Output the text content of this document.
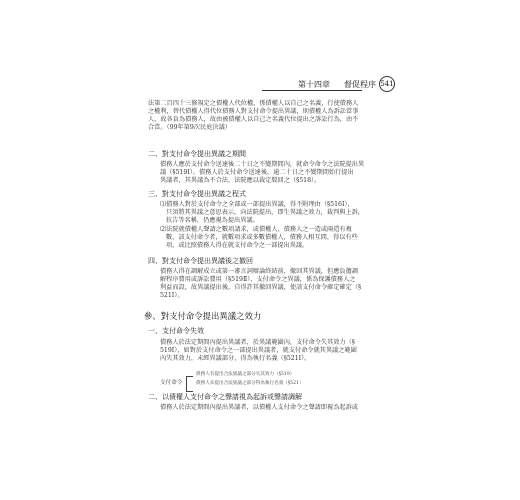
第十四章 督促程序 541
法第二百四十三條規定之債權人代位權，係債權人以自己之名義，行使債務人
之權利，替代債權人得代位債務人對支付命令提出異議，則債權人為訴訟當事
人，故各負為債務人，故由被債權人以自己之名義代位提出之訴訟行為，由不
合當。（99年第9次民庭決議）
二、對支付命令提出異議之期間
債務人應於支付命令送達後二十日之不變期間內，就命令命令之法院提出異
議（§519Ⅰ）。債務人於支付命令送達後，逾二十日之不變期間始行提出
異議者，其異議為不合法，法院應以裁定駁回之（§518）。
三、對支付命令提出異議之程式
⑴債務人對於支付命令之全部或一部提出異議，得不附理由（§516Ⅰ），
只須將其異議之意思表示，向法院提出，即生異議之效力，裁判與上訴，
抗告等名稱，仍應視為提出異議。
⑵法院就債權人聲請之數項請求，或債權人、債務人之一造或兩造有複
數，該支付命令者，就數項求或多數債權人，債務人相互間，得以有些
項，或比照債務人得在就支付命令之一部提出異議。
四、對支付命令提出異議後之撤回
債務人得在調解成立或第一審言詞辯論終結前，撤回其異議，但應負擔調
解程序費用或訴訟費用（§519Ⅱ），支付命令之異議，係為保護債務人之
利益而設，故異議提出後，自得許其撤回異議，使該支付命令確定確定（§
521Ⅰ）。
參、對支付命令提出異議之效力
一、支付命令失效
債務人於法定期間內提出異議者，於異議範圍內，支付命令失其效力（§
519Ⅰ），如對於支付命令之一部提出異議者，就支付命令就其異議之範圍
內失其效力，未經異議部分，得為執行名義（§521Ⅰ）。
支付命令
債務人有提出合法異議之部分失其效力（§519）
債務人未提出合法異議之部分得為執行名義（§521）
二、以債權人支付命令之聲請視為起訴或聲請調解
債務人於法定期間內提出異議者，以債權人支付命令之聲請即視為起訴或
